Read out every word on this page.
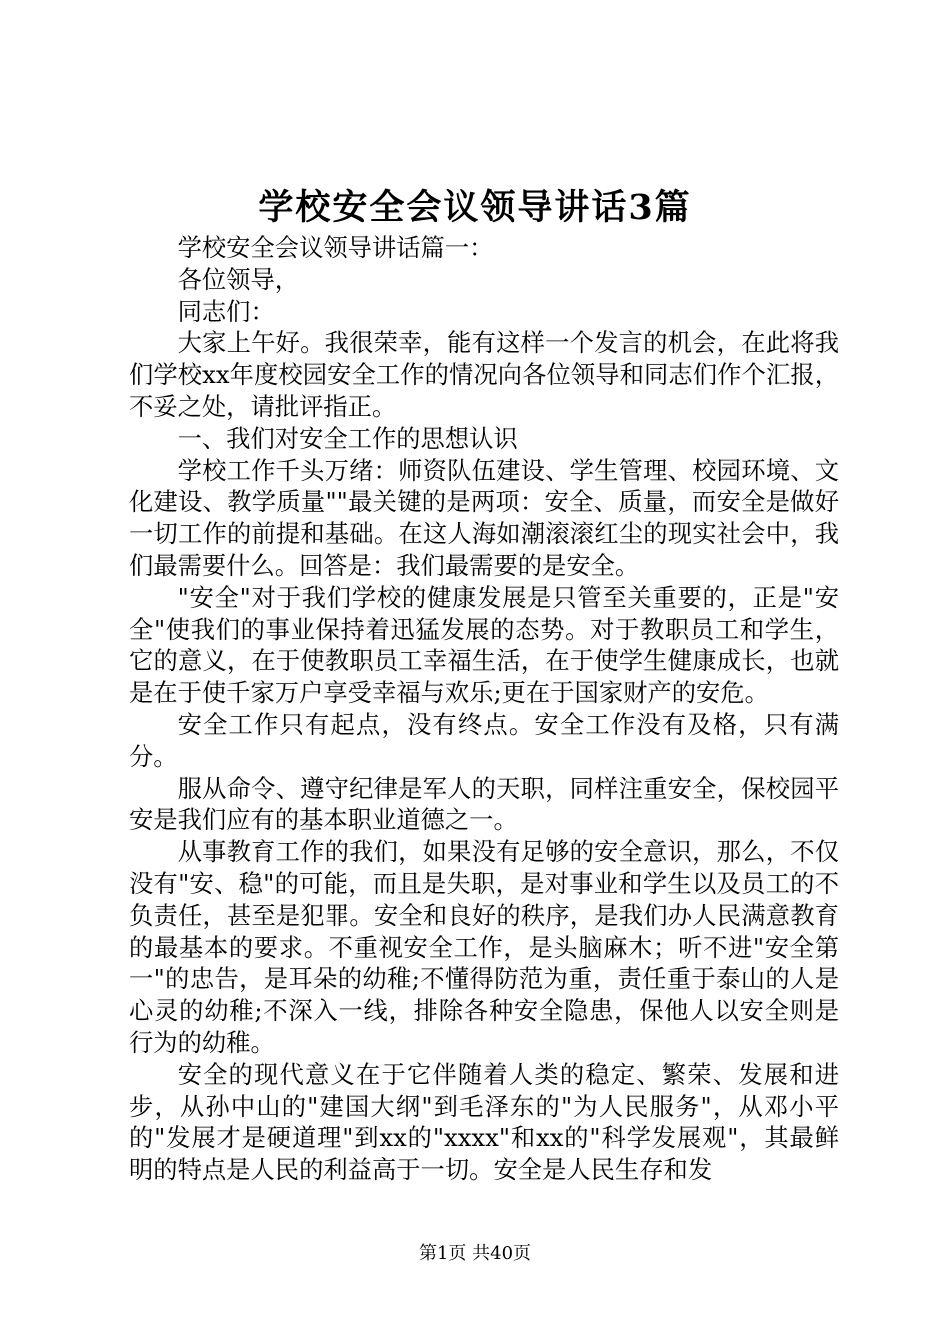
学校安全会议领导讲话3篇

学校安全会议领导讲话篇一：

各位领导，

同志们：

大家上午好。我很荣幸，能有这样一个发言的机会，在此将我们学校xx年度校园安全工作的情况向各位领导和同志们作个汇报，不妥之处，请批评指正。

一、我们对安全工作的思想认识

学校工作千头万绪：师资队伍建设、学生管理、校园环境、文化建设、教学质量""最关键的是两项：安全、质量，而安全是做好一切工作的前提和基础。在这人海如潮滚滚红尘的现实社会中，我们最需要什么。回答是：我们最需要的是安全。

"安全"对于我们学校的健康发展是只管至关重要的，正是"安全"使我们的事业保持着迅猛发展的态势。对于教职员工和学生，它的意义，在于使教职员工幸福生活，在于使学生健康成长，也就是在于使千家万户享受幸福与欢乐;更在于国家财产的安危。

安全工作只有起点，没有终点。安全工作没有及格，只有满分。

服从命令、遵守纪律是军人的天职，同样注重安全，保校园平安是我们应有的基本职业道德之一。

从事教育工作的我们，如果没有足够的安全意识，那么，不仅没有"安、稳"的可能，而且是失职，是对事业和学生以及员工的不负责任，甚至是犯罪。安全和良好的秩序，是我们办人民满意教育的最基本的要求。不重视安全工作，是头脑麻木；听不进"安全第一"的忠告，是耳朵的幼稚;不懂得防范为重，责任重于泰山的人是心灵的幼稚;不深入一线，排除各种安全隐患，保他人以安全则是行为的幼稚。

安全的现代意义在于它伴随着人类的稳定、繁荣、发展和进步，从孙中山的"建国大纲"到毛泽东的"为人民服务"，从邓小平的"发展才是硬道理"到xx的"xxxx"和xx的"科学发展观"，其最鲜明的特点是人民的利益高于一切。安全是人民生存和发

第1页 共40页
